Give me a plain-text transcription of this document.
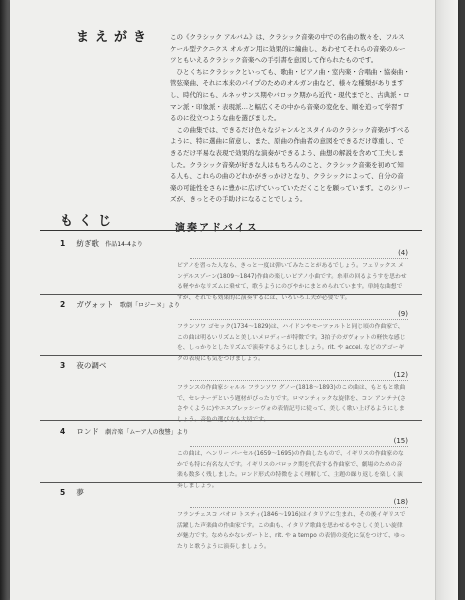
まえがき	この《クラシック アルバム》は、クラシック音楽の中での名曲の数々を、フルスケール型テクニクス オルガン用に効果的に編曲し、あわせてそれらの音楽のルーツともいえるクラシック音楽への手引書を意図して作られたものです。

ひとくちにクラシックといっても、歌曲・ピアノ曲・室内楽・合唱曲・協奏曲・管弦楽曲、それに本来のパイプのためのオルガン曲など、様々な種類がありますし、時代的にも、ルネッサンス期やバロック期から近代・現代までと、古典派・ロマン派・印象派・表現派…と幅広くその中から音楽の変化を、順を追って学習するのに役立つような曲を選びました。

この曲集では、できるだけ色々なジャンルとスタイルのクラシック音楽がすべるように、特に選曲に留意し、また、原曲の作曲者の意図をできるだけ尊重し、できるだけ平易な表現で効果的な演奏ができるよう、曲想の解説を含めて工夫しました。クラシック音楽が好きな人はもちろんのこと、クラシック音楽を初めて知る人も、これらの曲のどれかがきっかけとなり、クラシックによって、自分の音楽の可能性をさらに豊かに広げていっていただくことを願っています。このシリーズが、きっとその手助けになることでしょう。

もくじ	演奏アドバイス
1 紡ぎ歌 作品14-4より
(4)
ピアノを習った人なら、きっと一度は弾いてみたことがあるでしょう。フェリックス メンデルスゾーン(1809〜1847)作曲の楽しいピアノ小曲です。糸車の回るようすを思わせる軽やかなリズムに乗せて、歌うようにのびやかにまとめられています。単純な曲想ですが、それでも効果的に演奏するには、いろいろ工夫が必要です。
2 ガヴォット 歌劇「ロジーヌ」より
(9)
フランソワ ゴセック(1734〜1829)は、ハイドンやモーツァルトと同じ頃の作曲家で、この曲は明るいリズムと美しいメロディーが特徴です。3拍子のガヴォットの軽快な感じを、しっかりとしたリズムで演奏するようにしましょう。rit. や accel. などのアゴーギクの表現にも気をつけましょう。
3 夜の調べ
(12)
フランスの作曲家シャルル フランソワ グノー(1818〜1893)のこの曲は、もともと歌曲で、セレナーデという題材がぴったりです。ロマンティックな旋律を、コン アンテナ(ささやくように)やエスプレッシーヴォの表情記号に従って、美しく歌い上げるようにしましょう。音色の選び方も大切です。
4 ロンド 劇音楽「ムーア人の復讐」より
(15)
この曲は、ヘンリー パーセル(1659〜1695)の作曲したもので、イギリスの作曲家のなかでも特に有名な人です。イギリスのバロック期を代表する作曲家で、劇場のための音楽も数多く残しました。ロンド形式の特徴をよく理解して、主題の繰り返しを楽しく演奏しましょう。
5 夢
(18)
フランチェスコ パオロ トスティ(1846〜1916)はイタリアに生まれ、その後イギリスで活躍した声楽曲の作曲家です。この曲も、イタリア歌曲を思わせるやさしく美しい旋律が魅力です。なめらかなレガートと、rit. や a tempo の表情の変化に気をつけて、ゆったりと歌うように演奏しましょう。
